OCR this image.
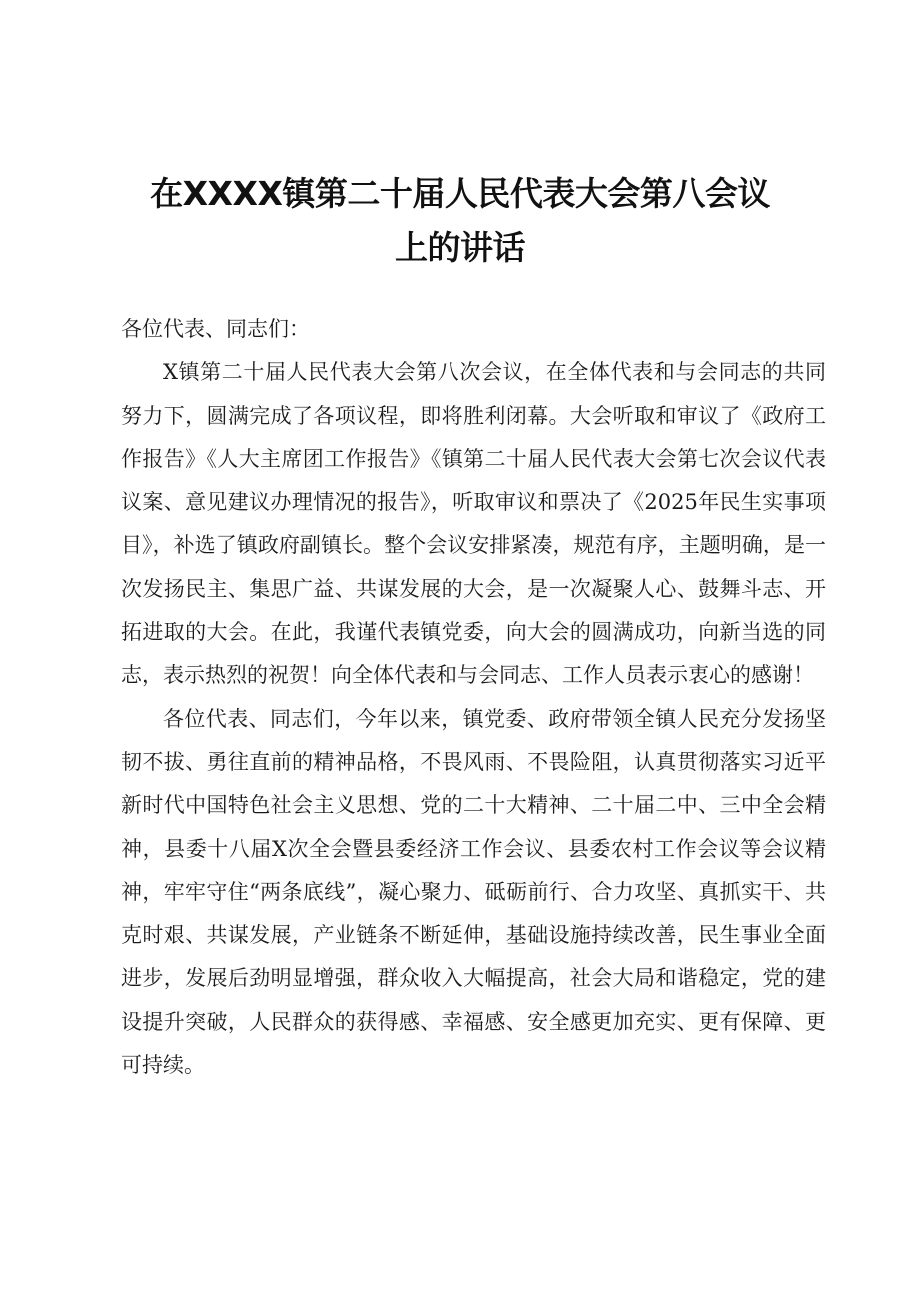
在XXXX镇第二十届人民代表大会第八会议
上的讲话

各位代表、同志们：

X镇第二十届人民代表大会第八次会议，在全体代表和与会同志的共同努力下，圆满完成了各项议程，即将胜利闭幕。大会听取和审议了《政府工作报告》《人大主席团工作报告》《镇第二十届人民代表大会第七次会议代表议案、意见建议办理情况的报告》，听取审议和票决了《2025年民生实事项目》，补选了镇政府副镇长。整个会议安排紧凑，规范有序，主题明确，是一次发扬民主、集思广益、共谋发展的大会，是一次凝聚人心、鼓舞斗志、开拓进取的大会。在此，我谨代表镇党委，向大会的圆满成功，向新当选的同志，表示热烈的祝贺！向全体代表和与会同志、工作人员表示衷心的感谢！

各位代表、同志们，今年以来，镇党委、政府带领全镇人民充分发扬坚韧不拔、勇往直前的精神品格，不畏风雨、不畏险阻，认真贯彻落实习近平新时代中国特色社会主义思想、党的二十大精神、二十届二中、三中全会精神，县委十八届X次全会暨县委经济工作会议、县委农村工作会议等会议精神，牢牢守住“两条底线”，凝心聚力、砥砺前行、合力攻坚、真抓实干、共克时艰、共谋发展，产业链条不断延伸，基础设施持续改善，民生事业全面进步，发展后劲明显增强，群众收入大幅提高，社会大局和谐稳定，党的建设提升突破，人民群众的获得感、幸福感、安全感更加充实、更有保障、更可持续。
